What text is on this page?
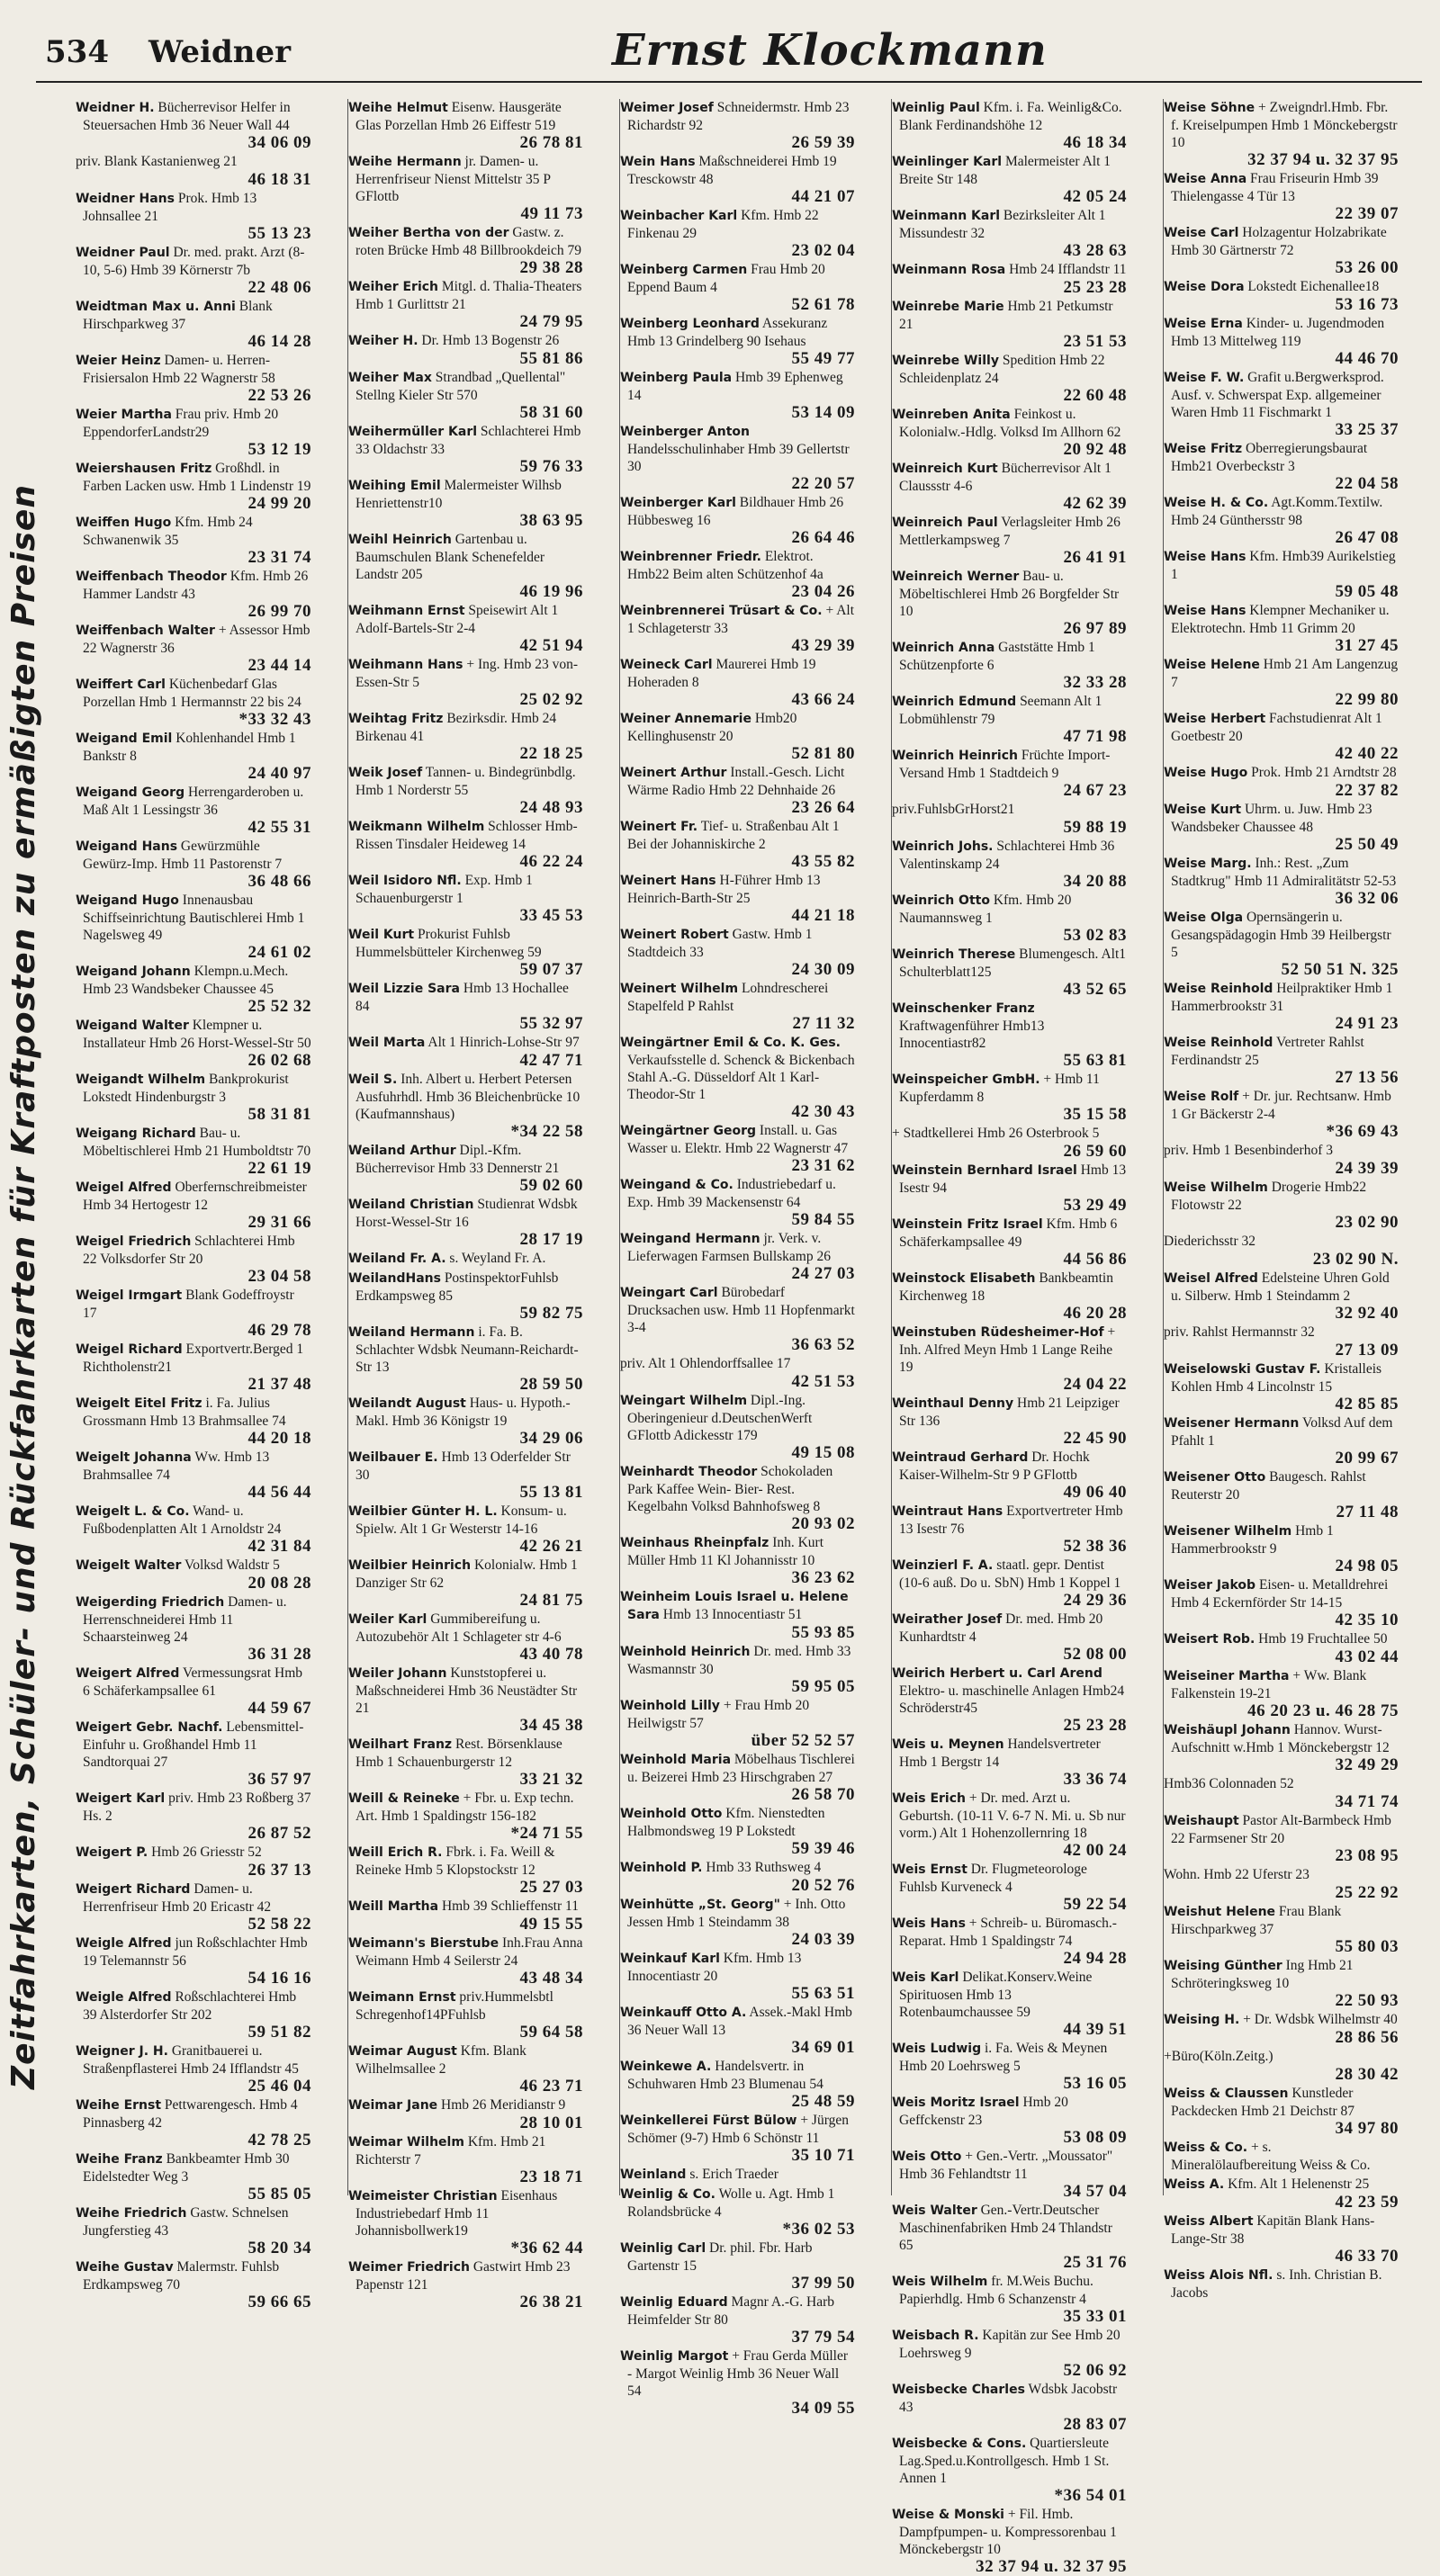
534 Weidner	Ernst Klockmann
Zeitfahrkarten, Schüler- und Rückfahrkarten für Kraftposten zu ermäßigten Preisen
Weidner H. Bücherrevisor Helfer in Steuersachen Hmb 36 Neuer Wall 44
34 06 09
priv. Blank Kastanienweg 21
46 18 31
Weidner Hans Prok. Hmb 13 Johnsallee 21
55 13 23
Weidner Paul Dr. med. prakt. Arzt (8-10, 5-6) Hmb 39 Körnerstr 7b
22 48 06
Weidtman Max u. Anni Blank Hirschparkweg 37
46 14 28
Weier Heinz Damen- u. Herren-Frisiersalon Hmb 22 Wagnerstr 58
22 53 26
Weier Martha Frau priv. Hmb 20 EppendorferLandstr29
53 12 19
Weiershausen Fritz Großhdl. in Farben Lacken usw. Hmb 1 Lindenstr 19
24 99 20
Weiffen Hugo Kfm. Hmb 24 Schwanenwik 35
23 31 74
Weiffenbach Theodor Kfm. Hmb 26 Hammer Landstr 43
26 99 70
Weiffenbach Walter + Assessor Hmb 22 Wagnerstr 36
23 44 14
Weiffert Carl Küchenbedarf Glas Porzellan Hmb 1 Hermannstr 22 bis 24
*33 32 43
Weigand Emil Kohlenhandel Hmb 1 Bankstr 8
24 40 97
Weigand Georg Herrengarderoben u. Maß Alt 1 Lessingstr 36
42 55 31
Weigand Hans Gewürzmühle Gewürz-Imp. Hmb 11 Pastorenstr 7
36 48 66
Weigand Hugo Innenausbau Schiffseinrichtung Bautischlerei Hmb 1 Nagelsweg 49
24 61 02
Weigand Johann Klempn.u.Mech. Hmb 23 Wandsbeker Chaussee 45
25 52 32
Weigand Walter Klempner u. Installateur Hmb 26 Horst-Wessel-Str 50
26 02 68
Weigandt Wilhelm Bankprokurist Lokstedt Hindenburgstr 3
58 31 81
Weigang Richard Bau- u. Möbeltischlerei Hmb 21 Humboldtstr 70
22 61 19
Weigel Alfred Oberfernschreibmeister Hmb 34 Hertogestr 12
29 31 66
Weigel Friedrich Schlachterei Hmb 22 Volksdorfer Str 20
23 04 58
Weigel Irmgart Blank Godeffroystr 17
46 29 78
Weigel Richard Exportvertr.Berged 1 Richtholenstr21
21 37 48
Weigelt Eitel Fritz i. Fa. Julius Grossmann Hmb 13 Brahmsallee 74
44 20 18
Weigelt Johanna Ww. Hmb 13 Brahmsallee 74
44 56 44
Weigelt L. & Co. Wand- u. Fußbodenplatten Alt 1 Arnoldstr 24
42 31 84
Weigelt Walter Volksd Waldstr 5
20 08 28
Weigerding Friedrich Damen- u. Herrenschneiderei Hmb 11 Schaarsteinweg 24
36 31 28
Weigert Alfred Vermessungsrat Hmb 6 Schäferkampsallee 61
44 59 67
Weigert Gebr. Nachf. Lebensmittel-Einfuhr u. Großhandel Hmb 11 Sandtorquai 27
36 57 97
Weigert Karl priv. Hmb 23 Roßberg 37 Hs. 2
26 87 52
Weigert P. Hmb 26 Griesstr 52
26 37 13
Weigert Richard Damen- u. Herrenfriseur Hmb 20 Ericastr 42
52 58 22
Weigle Alfred jun Roßschlachter Hmb 19 Telemannstr 56
54 16 16
Weigle Alfred Roßschlachterei Hmb 39 Alsterdorfer Str 202
59 51 82
Weigner J. H. Granitbauerei u. Straßenpflasterei Hmb 24 Ifflandstr 45
25 46 04
Weihe Ernst Pettwarengesch. Hmb 4 Pinnasberg 42
42 78 25
Weihe Franz Bankbeamter Hmb 30 Eidelstedter Weg 3
55 85 05
Weihe Friedrich Gastw. Schnelsen Jungferstieg 43
58 20 34
Weihe Gustav Malermstr. Fuhlsb Erdkampsweg 70
59 66 65
Weihe Helmut Eisenw. Hausgeräte Glas Porzellan Hmb 26 Eiffestr 519
26 78 81
Weihe Hermann jr. Damen- u. Herrenfriseur Nienst Mittelstr 35 P GFlottb
49 11 73
Weiher Bertha von der Gastw. z. roten Brücke Hmb 48 Billbrookdeich 79
29 38 28
Weiher Erich Mitgl. d. Thalia-Theaters Hmb 1 Gurlittstr 21
24 79 95
Weiher H. Dr. Hmb 13 Bogenstr 26
55 81 86
Weiher Max Strandbad „Quellental" Stellng Kieler Str 570
58 31 60
Weihermüller Karl Schlachterei Hmb 33 Oldachstr 33
59 76 33
Weihing Emil Malermeister Wilhsb Henriettenstr10
38 63 95
Weihl Heinrich Gartenbau u. Baumschulen Blank Schenefelder Landstr 205
46 19 96
Weihmann Ernst Speisewirt Alt 1 Adolf-Bartels-Str 2-4
42 51 94
Weihmann Hans + Ing. Hmb 23 von-Essen-Str 5
25 02 92
Weihtag Fritz Bezirksdir. Hmb 24 Birkenau 41
22 18 25
Weik Josef Tannen- u. Bindegrünbdlg. Hmb 1 Norderstr 55
24 48 93
Weikmann Wilhelm Schlosser Hmb-Rissen Tinsdaler Heideweg 14
46 22 24
Weil Isidoro Nfl. Exp. Hmb 1 Schauenburgerstr 1
33 45 53
Weil Kurt Prokurist Fuhlsb Hummelsbütteler Kirchenweg 59
59 07 37
Weil Lizzie Sara Hmb 13 Hochallee 84
55 32 97
Weil Marta Alt 1 Hinrich-Lohse-Str 97
42 47 71
Weil S. Inh. Albert u. Herbert Petersen Ausfuhrhdl. Hmb 36 Bleichenbrücke 10 (Kaufmannshaus)
*34 22 58
Weiland Arthur Dipl.-Kfm. Bücherrevisor Hmb 33 Dennerstr 21
59 02 60
Weiland Christian Studienrat Wdsbk Horst-Wessel-Str 16
28 17 19
Weiland Fr. A. s. Weyland Fr. A.
WeilandHans PostinspektorFuhlsb Erdkampsweg 85
59 82 75
Weiland Hermann i. Fa. B. Schlachter Wdsbk Neumann-Reichardt-Str 13
28 59 50
Weilandt August Haus- u. Hypoth.-Makl. Hmb 36 Königstr 19
34 29 06
Weilbauer E. Hmb 13 Oderfelder Str 30
55 13 81
Weilbier Günter H. L. Konsum- u. Spielw. Alt 1 Gr Westerstr 14-16
42 26 21
Weilbier Heinrich Kolonialw. Hmb 1 Danziger Str 62
24 81 75
Weiler Karl Gummibereifung u. Autozubehör Alt 1 Schlageter str 4-6
43 40 78
Weiler Johann Kunststopferei u. Maßschneiderei Hmb 36 Neustädter Str 21
34 45 38
Weilhart Franz Rest. Börsenklause Hmb 1 Schauenburgerstr 12
33 21 32
Weill & Reineke + Fbr. u. Exp techn. Art. Hmb 1 Spaldingstr 156-182
*24 71 55
Weill Erich R. Fbrk. i. Fa. Weill & Reineke Hmb 5 Klopstockstr 12
25 27 03
Weill Martha Hmb 39 Schlieffenstr 11
49 15 55
Weimann's Bierstube Inh.Frau Anna Weimann Hmb 4 Seilerstr 24
43 48 34
Weimann Ernst priv.Hummelsbtl Schregenhof14PFuhlsb
59 64 58
Weimar August Kfm. Blank Wilhelmsallee 2
46 23 71
Weimar Jane Hmb 26 Meridianstr 9
28 10 01
Weimar Wilhelm Kfm. Hmb 21 Richterstr 7
23 18 71
Weimeister Christian Eisenhaus Industriebedarf Hmb 11 Johannisbollwerk19
*36 62 44
Weimer Friedrich Gastwirt Hmb 23 Papenstr 121
26 38 21
Weimer Josef Schneidermstr. Hmb 23 Richardstr 92
26 59 39
Wein Hans Maßschneiderei Hmb 19 Tresckowstr 48
44 21 07
Weinbacher Karl Kfm. Hmb 22 Finkenau 29
23 02 04
Weinberg Carmen Frau Hmb 20 Eppend Baum 4
52 61 78
Weinberg Leonhard Assekuranz Hmb 13 Grindelberg 90 Isehaus
55 49 77
Weinberg Paula Hmb 39 Ephenweg 14
53 14 09
Weinberger Anton Handelsschulinhaber Hmb 39 Gellertstr 30
22 20 57
Weinberger Karl Bildhauer Hmb 26 Hübbesweg 16
26 64 46
Weinbrenner Friedr. Elektrot. Hmb22 Beim alten Schützenhof 4a
23 04 26
Weinbrennerei Trüsart & Co. + Alt 1 Schlageterstr 33
43 29 39
Weineck Carl Maurerei Hmb 19 Hoheraden 8
43 66 24
Weiner Annemarie Hmb20 Kellinghusenstr 20
52 81 80
Weinert Arthur Install.-Gesch. Licht Wärme Radio Hmb 22 Dehnhaide 26
23 26 64
Weinert Fr. Tief- u. Straßenbau Alt 1 Bei der Johanniskirche 2
43 55 82
Weinert Hans H-Führer Hmb 13 Heinrich-Barth-Str 25
44 21 18
Weinert Robert Gastw. Hmb 1 Stadtdeich 33
24 30 09
Weinert Wilhelm Lohndrescherei Stapelfeld P Rahlst
27 11 32
Weingärtner Emil & Co. K. Ges. Verkaufsstelle d. Schenck & Bickenbach Stahl A.-G. Düsseldorf Alt 1 Karl-Theodor-Str 1
42 30 43
Weingärtner Georg Install. u. Gas Wasser u. Elektr. Hmb 22 Wagnerstr 47
23 31 62
Weingand & Co. Industriebedarf u. Exp. Hmb 39 Mackensenstr 64
59 84 55
Weingand Hermann jr. Verk. v. Lieferwagen Farmsen Bullskamp 26
24 27 03
Weingart Carl Bürobedarf Drucksachen usw. Hmb 11 Hopfenmarkt 3-4
36 63 52
priv. Alt 1 Ohlendorffsallee 17
42 51 53
Weingart Wilhelm Dipl.-Ing. Oberingenieur d.DeutschenWerft GFlottb Adickesstr 179
49 15 08
Weinhardt Theodor Schokoladen Park Kaffee Wein- Bier- Rest. Kegelbahn Volksd Bahnhofsweg 8
20 93 02
Weinhaus Rheinpfalz Inh. Kurt Müller Hmb 11 Kl Johannisstr 10
36 23 62
Weinheim Louis Israel u. Helene Sara Hmb 13 Innocentiastr 51
55 93 85
Weinhold Heinrich Dr. med. Hmb 33 Wasmannstr 30
59 95 05
Weinhold Lilly + Frau Hmb 20 Heilwigstr 57
über 52 52 57
Weinhold Maria Möbelhaus Tischlerei u. Beizerei Hmb 23 Hirschgraben 27
26 58 70
Weinhold Otto Kfm. Nienstedten Halbmondsweg 19 P Lokstedt
59 39 46
Weinhold P. Hmb 33 Ruthsweg 4
20 52 76
Weinhütte „St. Georg" + Inh. Otto Jessen Hmb 1 Steindamm 38
24 03 39
Weinkauf Karl Kfm. Hmb 13 Innocentiastr 20
55 63 51
Weinkauff Otto A. Assek.-Makl Hmb 36 Neuer Wall 13
34 69 01
Weinkewe A. Handelsvertr. in Schuhwaren Hmb 23 Blumenau 54
25 48 59
Weinkellerei Fürst Bülow + Jürgen Schömer (9-7) Hmb 6 Schönstr 11
35 10 71
Weinland s. Erich Traeder
Weinlig & Co. Wolle u. Agt. Hmb 1 Rolandsbrücke 4
*36 02 53
Weinlig Carl Dr. phil. Fbr. Harb Gartenstr 15
37 99 50
Weinlig Eduard Magnr A.-G. Harb Heimfelder Str 80
37 79 54
Weinlig Margot + Frau Gerda Müller - Margot Weinlig Hmb 36 Neuer Wall 54
34 09 55
Weinlig Paul Kfm. i. Fa. Weinlig&Co. Blank Ferdinandshöhe 12
46 18 34
Weinlinger Karl Malermeister Alt 1 Breite Str 148
42 05 24
Weinmann Karl Bezirksleiter Alt 1 Missundestr 32
43 28 63
Weinmann Rosa Hmb 24 Ifflandstr 11
25 23 28
Weinrebe Marie Hmb 21 Petkumstr 21
23 51 53
Weinrebe Willy Spedition Hmb 22 Schleidenplatz 24
22 60 48
Weinreben Anita Feinkost u. Kolonialw.-Hdlg. Volksd Im Allhorn 62
20 92 48
Weinreich Kurt Bücherrevisor Alt 1 Claussstr 4-6
42 62 39
Weinreich Paul Verlagsleiter Hmb 26 Mettlerkampsweg 7
26 41 91
Weinreich Werner Bau- u. Möbeltischlerei Hmb 26 Borgfelder Str 10
26 97 89
Weinrich Anna Gaststätte Hmb 1 Schützenpforte 6
32 33 28
Weinrich Edmund Seemann Alt 1 Lobmühlenstr 79
47 71 98
Weinrich Heinrich Früchte Import-Versand Hmb 1 Stadtdeich 9
24 67 23
priv.FuhlsbGrHorst21
59 88 19
Weinrich Johs. Schlachterei Hmb 36 Valentinskamp 24
34 20 88
Weinrich Otto Kfm. Hmb 20 Naumannsweg 1
53 02 83
Weinrich Therese Blumengesch. Alt1 Schulterblatt125
43 52 65
Weinschenker Franz Kraftwagenführer Hmb13 Innocentiastr82
55 63 81
Weinspeicher GmbH. + Hmb 11 Kupferdamm 8
35 15 58
+ Stadtkellerei Hmb 26 Osterbrook 5
26 59 60
Weinstein Bernhard Israel Hmb 13 Isestr 94
53 29 49
Weinstein Fritz Israel Kfm. Hmb 6 Schäferkampsallee 49
44 56 86
Weinstock Elisabeth Bankbeamtin Kirchenweg 18
46 20 28
Weinstuben Rüdesheimer-Hof + Inh. Alfred Meyn Hmb 1 Lange Reihe 19
24 04 22
Weinthaul Denny Hmb 21 Leipziger Str 136
22 45 90
Weintraud Gerhard Dr. Hochk Kaiser-Wilhelm-Str 9 P GFlottb
49 06 40
Weintraut Hans Exportvertreter Hmb 13 Isestr 76
52 38 36
Weinzierl F. A. staatl. gepr. Dentist (10-6 auß. Do u. SbN) Hmb 1 Koppel 1
24 29 36
Weirather Josef Dr. med. Hmb 20 Kunhardtstr 4
52 08 00
Weirich Herbert u. Carl Arend Elektro- u. maschinelle Anlagen Hmb24 Schröderstr45
25 23 28
Weis u. Meynen Handelsvertreter Hmb 1 Bergstr 14
33 36 74
Weis Erich + Dr. med. Arzt u. Geburtsh. (10-11 V. 6-7 N. Mi. u. Sb nur vorm.) Alt 1 Hohenzollernring 18
42 00 24
Weis Ernst Dr. Flugmeteorologe Fuhlsb Kurveneck 4
59 22 54
Weis Hans + Schreib- u. Büromasch.-Reparat. Hmb 1 Spaldingstr 74
24 94 28
Weis Karl Delikat.Konserv.Weine Spirituosen Hmb 13 Rotenbaumchaussee 59
44 39 51
Weis Ludwig i. Fa. Weis & Meynen Hmb 20 Loehrsweg 5
53 16 05
Weis Moritz Israel Hmb 20 Geffckenstr 23
53 08 09
Weis Otto + Gen.-Vertr. „Moussator" Hmb 36 Fehlandtstr 11
34 57 04
Weis Walter Gen.-Vertr.Deutscher Maschinenfabriken Hmb 24 Thlandstr 65
25 31 76
Weis Wilhelm fr. M.Weis Buchu. Papierhdlg. Hmb 6 Schanzenstr 4
35 33 01
Weisbach R. Kapitän zur See Hmb 20 Loehrsweg 9
52 06 92
Weisbecke Charles Wdsbk Jacobstr 43
28 83 07
Weisbecke & Cons. Quartiersleute Lag.Sped.u.Kontrollgesch. Hmb 1 St. Annen 1
*36 54 01
Weise & Monski + Fil. Hmb. Dampfpumpen- u. Kompressorenbau 1 Mönckebergstr 10
32 37 94 u. 32 37 95
Weise Söhne + Zweigndrl.Hmb. Fbr. f. Kreiselpumpen Hmb 1 Mönckebergstr 10
32 37 94 u. 32 37 95
Weise Anna Frau Friseurin Hmb 39 Thielengasse 4 Tür 13
22 39 07
Weise Carl Holzagentur Holzabrikate Hmb 30 Gärtnerstr 72
53 26 00
Weise Dora Lokstedt Eichenallee18
53 16 73
Weise Erna Kinder- u. Jugendmoden Hmb 13 Mittelweg 119
44 46 70
Weise F. W. Grafit u.Bergwerksprod. Ausf. v. Schwerspat Exp. allgemeiner Waren Hmb 11 Fischmarkt 1
33 25 37
Weise Fritz Oberregierungsbaurat Hmb21 Overbeckstr 3
22 04 58
Weise H. & Co. Agt.Komm.Textilw. Hmb 24 Günthersstr 98
26 47 08
Weise Hans Kfm. Hmb39 Aurikelstieg 1
59 05 48
Weise Hans Klempner Mechaniker u. Elektrotechn. Hmb 11 Grimm 20
31 27 45
Weise Helene Hmb 21 Am Langenzug 7
22 99 80
Weise Herbert Fachstudienrat Alt 1 Goetbestr 20
42 40 22
Weise Hugo Prok. Hmb 21 Arndtstr 28
22 37 82
Weise Kurt Uhrm. u. Juw. Hmb 23 Wandsbeker Chaussee 48
25 50 49
Weise Marg. Inh.: Rest. „Zum Stadtkrug" Hmb 11 Admiralitätstr 52-53
36 32 06
Weise Olga Opernsängerin u. Gesangspädagogin Hmb 39 Heilbergstr 5
52 50 51 N. 325
Weise Reinhold Heilpraktiker Hmb 1 Hammerbrookstr 31
24 91 23
Weise Reinhold Vertreter Rahlst Ferdinandstr 25
27 13 56
Weise Rolf + Dr. jur. Rechtsanw. Hmb 1 Gr Bäckerstr 2-4
*36 69 43
priv. Hmb 1 Besenbinderhof 3
24 39 39
Weise Wilhelm Drogerie Hmb22 Flotowstr 22
23 02 90
Diederichsstr 32
23 02 90 N.
Weisel Alfred Edelsteine Uhren Gold u. Silberw. Hmb 1 Steindamm 2
32 92 40
priv. Rahlst Hermannstr 32
27 13 09
Weiselowski Gustav F. Kristalleis Kohlen Hmb 4 Lincolnstr 15
42 85 85
Weisener Hermann Volksd Auf dem Pfahlt 1
20 99 67
Weisener Otto Baugesch. Rahlst Reuterstr 20
27 11 48
Weisener Wilhelm Hmb 1 Hammerbrookstr 9
24 98 05
Weiser Jakob Eisen- u. Metalldrehrei Hmb 4 Eckernförder Str 14-15
42 35 10
Weisert Rob. Hmb 19 Fruchtallee 50
43 02 44
Weiseiner Martha + Ww. Blank Falkenstein 19-21
46 20 23 u. 46 28 75
Weishäupl Johann Hannov. Wurst-Aufschnitt w.Hmb 1 Mönckebergstr 12
32 49 29
Hmb36 Colonnaden 52
34 71 74
Weishaupt Pastor Alt-Barmbeck Hmb 22 Farmsener Str 20
23 08 95
Wohn. Hmb 22 Uferstr 23
25 22 92
Weishut Helene Frau Blank Hirschparkweg 37
55 80 03
Weising Günther Ing Hmb 21 Schröteringksweg 10
22 50 93
Weising H. + Dr. Wdsbk Wilhelmstr 40
28 86 56
+Büro(Köln.Zeitg.)
28 30 42
Weiss & Claussen Kunstleder Packdecken Hmb 21 Deichstr 87
34 97 80
Weiss & Co. + s. Mineralölaufbereitung Weiss & Co.
Weiss A. Kfm. Alt 1 Helenenstr 25
42 23 59
Weiss Albert Kapitän Blank Hans-Lange-Str 38
46 33 70
Weiss Alois Nfl. s. Inh. Christian B. Jacobs
